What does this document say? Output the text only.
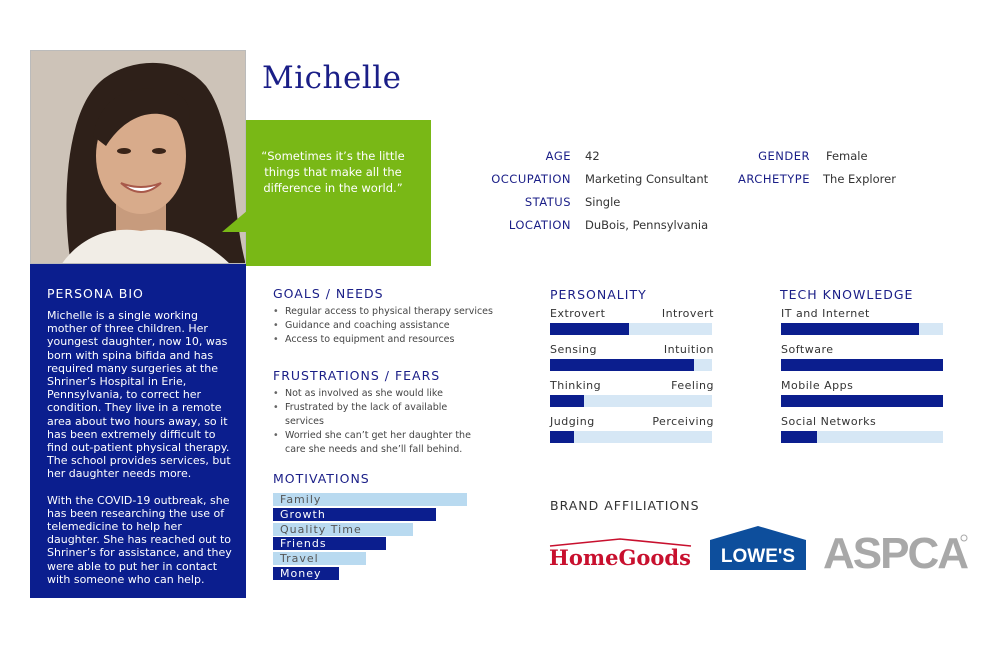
Michelle
“Sometimes it’s the little things that make all the difference in the world.”
PERSONA BIO

Michelle is a single working mother of three children. Her youngest daughter, now 10, was born with spina bifida and has required many surgeries at the Shriner’s Hospital in Erie, Pennsylvania, to correct her condition. They live in a remote area about two hours away, so it has been extremely difficult to find out-patient physical therapy. The school provides services, but her daughter needs more.

With the COVID-19 outbreak, she has been researching the use of telemedicine to help her daughter. She has reached out to Shriner’s for assistance, and they were able to put her in contact with someone who can help.

AGE 42
OCCUPATION Marketing Consultant
STATUS Single
LOCATION DuBois, Pennsylvania
GENDER Female
ARCHETYPE The Explorer
GOALS / NEEDS
• Regular access to physical therapy services
• Guidance and coaching assistance
• Access to equipment and resources
FRUSTRATIONS / FEARS
• Not as involved as she would like
• Frustrated by the lack of available services
• Worried she can’t get her daughter the care she needs and she’ll fall behind.
MOTIVATIONS
Family
Growth
Quality Time
Friends
Travel
Money
PERSONALITY
Extrovert	Introvert
Sensing	Intuition
Thinking	Feeling
Judging	Perceiving
TECH KNOWLEDGE
IT and Internet
Software
Mobile Apps
Social Networks
BRAND AFFILIATIONS
HomeGoods LOWE'S ASPCA
